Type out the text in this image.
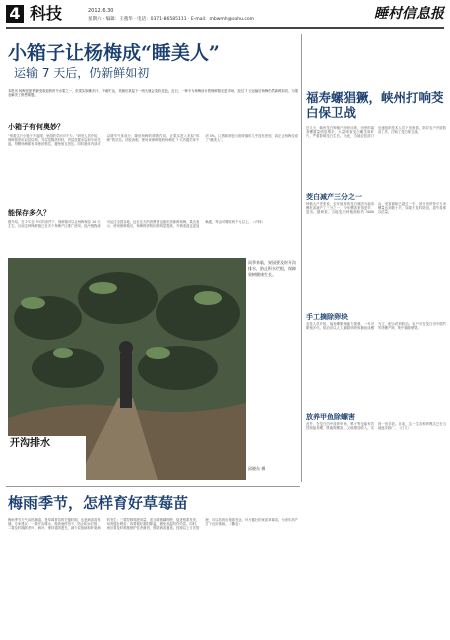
4 科技	2012.6.30
星期六 · 编辑：王燕华 · 电话：0371-86585111 · E-mail：mbwmh@sohu.com	睡村信息报
小箱子让杨梅成“睡美人”
运输 7 天后，仍新鲜如初
本报讯 杨梅是夏季最受欢迎的时令水果之一，但果实娇嫩多汁，不耐贮运，采摘后常温下一两天就会变软变色。近日，一种专为杨梅设计的保鲜箱走进市场，经过 7 天运输后杨梅仍然新鲜如初，为果农解决了销售难题。
小箱子有何奥妙？
“别看这只小箱子不起眼，里面的学问可不少。”研发人员介绍，保鲜箱采用双层结构，外层是隔热材料，内层放置冰袋和专用托盘，每颗杨梅都有单独的格位，避免相互挤压。同时箱体内部可以调节气体成分，降低杨梅的呼吸作用，让果实进入类似“休眠”的状态。试验表明，使用该保鲜箱的杨梅在 7 天内腐烂率不到 5%，口感和颜色与刚采摘时几乎没有差别，真正让杨梅变成了“睡美人”。
能保存多久？
据介绍，在 2℃至 5℃的条件下，保鲜箱可以让杨梅保存 10 天左右。目前这种保鲜箱已在多个杨梅产区推广使用，经冷链物流可运往全国各地，远在北方的消费者也能吃到新鲜杨梅。果农表示，使用保鲜箱后，杨梅的收购价格明显提高，外销渠道也更加畅通，每亩可增收两千元以上。（卢林）
开沟排水
雨季来临，果园要及时开沟排水，防止积水烂根，保障果树健康生长。
邱晓东 摄
福寿螺猖獗，峡州打响茭白保卫战
近几天，峡州茭白种植户纷纷反映，田里的福寿螺数量明显增多，大量啃食茭白嫩茎和叶片，严重影响茭白生长。为此，当地农技部门迅速组织技术人员下田查看，指导农户开展防治工作，打响了茭白保卫战。
茭白减产三分之一
种植大户老张说，去年他家的茭白就因为福寿螺危害减产了三分之一，今年螺害来得更早、更凶。据调查，当地茭白种植面积约 3000 亩，受害面积已超过一半，部分田块每平方米螺量达到数十只，如果不及时防治，损失将难以估量。
手工摘除卵块
农技人员介绍，福寿螺繁殖能力极强，一年可繁殖多代，防治应以人工摘除卵块和捕捉成螺为主，配合药剂防治。农户可在茭白田中插竹竿诱螺产卵，集中摘除销毁。
放养甲鱼除螺害
此外，在茭白田中放养甲鱼、鸭子等也能有效控制福寿螺，既能除螺害，又能增加收入，实现一田多收。目前，这一生态种养模式已在当地逐步推广。（江义）
梅雨季节，怎样育好草莓苗
梅雨季节天气闷热潮湿，是草莓育苗的关键时期，也是病害高发期。专家建议：一要开沟排水，做到雨停田干，防止积水烂根；二要及时摘除老叶、病叶，保持通风透光，减少炭疽病和叶斑病的发生；三要控制氮肥用量，适当增施磷钾肥，促进根系发育，培育健壮秧苗；四要做好遮阳降温，避免高温灼伤幼苗。同时，雨后要及时喷施保护性杀菌剂，预防病害蔓延。按照以上方法管理，可以培育出根系发达、叶片健壮的优质草莓苗，为来年高产打下良好基础。（魏农）
